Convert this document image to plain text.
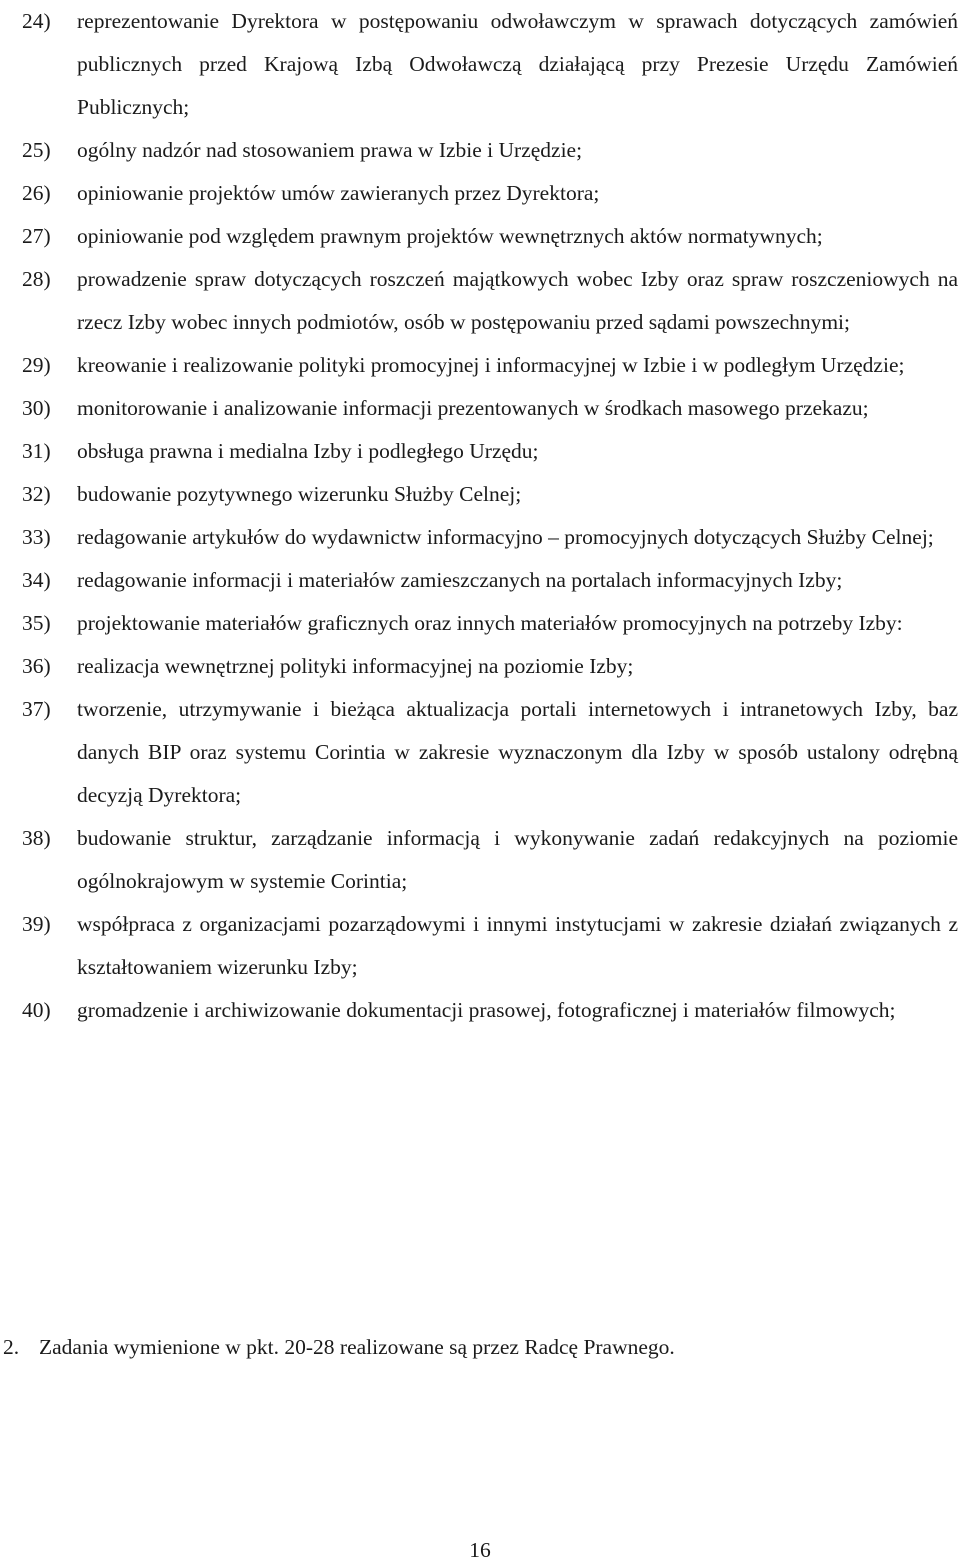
24)	reprezentowanie Dyrektora w postępowaniu odwoławczym w sprawach dotyczących zamówień publicznych przed Krajową Izbą Odwoławczą działającą przy Prezesie Urzędu Zamówień Publicznych;
25)	ogólny nadzór nad stosowaniem prawa w Izbie i Urzędzie;
26)	opiniowanie projektów umów zawieranych przez Dyrektora;
27)	opiniowanie pod względem prawnym projektów wewnętrznych aktów normatywnych;
28)	prowadzenie spraw dotyczących roszczeń majątkowych wobec Izby oraz spraw roszczeniowych na rzecz Izby wobec innych podmiotów, osób w postępowaniu przed sądami powszechnymi;
29)	kreowanie i realizowanie polityki promocyjnej i informacyjnej w Izbie i w podległym Urzędzie;
30)	monitorowanie i analizowanie informacji prezentowanych w środkach masowego przekazu;
31)	obsługa prawna i medialna Izby i podległego Urzędu;
32)	budowanie pozytywnego wizerunku Służby Celnej;
33)	redagowanie artykułów do wydawnictw informacyjno – promocyjnych dotyczących Służby Celnej;
34)	redagowanie informacji i materiałów zamieszczanych na portalach informacyjnych Izby;
35)	projektowanie materiałów graficznych oraz innych materiałów promocyjnych na potrzeby Izby:
36)	realizacja wewnętrznej polityki informacyjnej na poziomie Izby;
37)	tworzenie, utrzymywanie i bieżąca aktualizacja portali internetowych i intranetowych Izby, baz danych BIP oraz systemu Corintia w zakresie wyznaczonym dla Izby w sposób ustalony odrębną decyzją Dyrektora;
38)	budowanie struktur, zarządzanie informacją i wykonywanie zadań redakcyjnych na poziomie ogólnokrajowym w systemie Corintia;
39)	współpraca z organizacjami pozarządowymi i innymi instytucjami w zakresie działań związanych z kształtowaniem wizerunku Izby;
40)	gromadzenie i archiwizowanie dokumentacji prasowej, fotograficznej i materiałów filmowych;
2. Zadania wymienione w pkt. 20-28 realizowane są przez Radcę Prawnego.
16
